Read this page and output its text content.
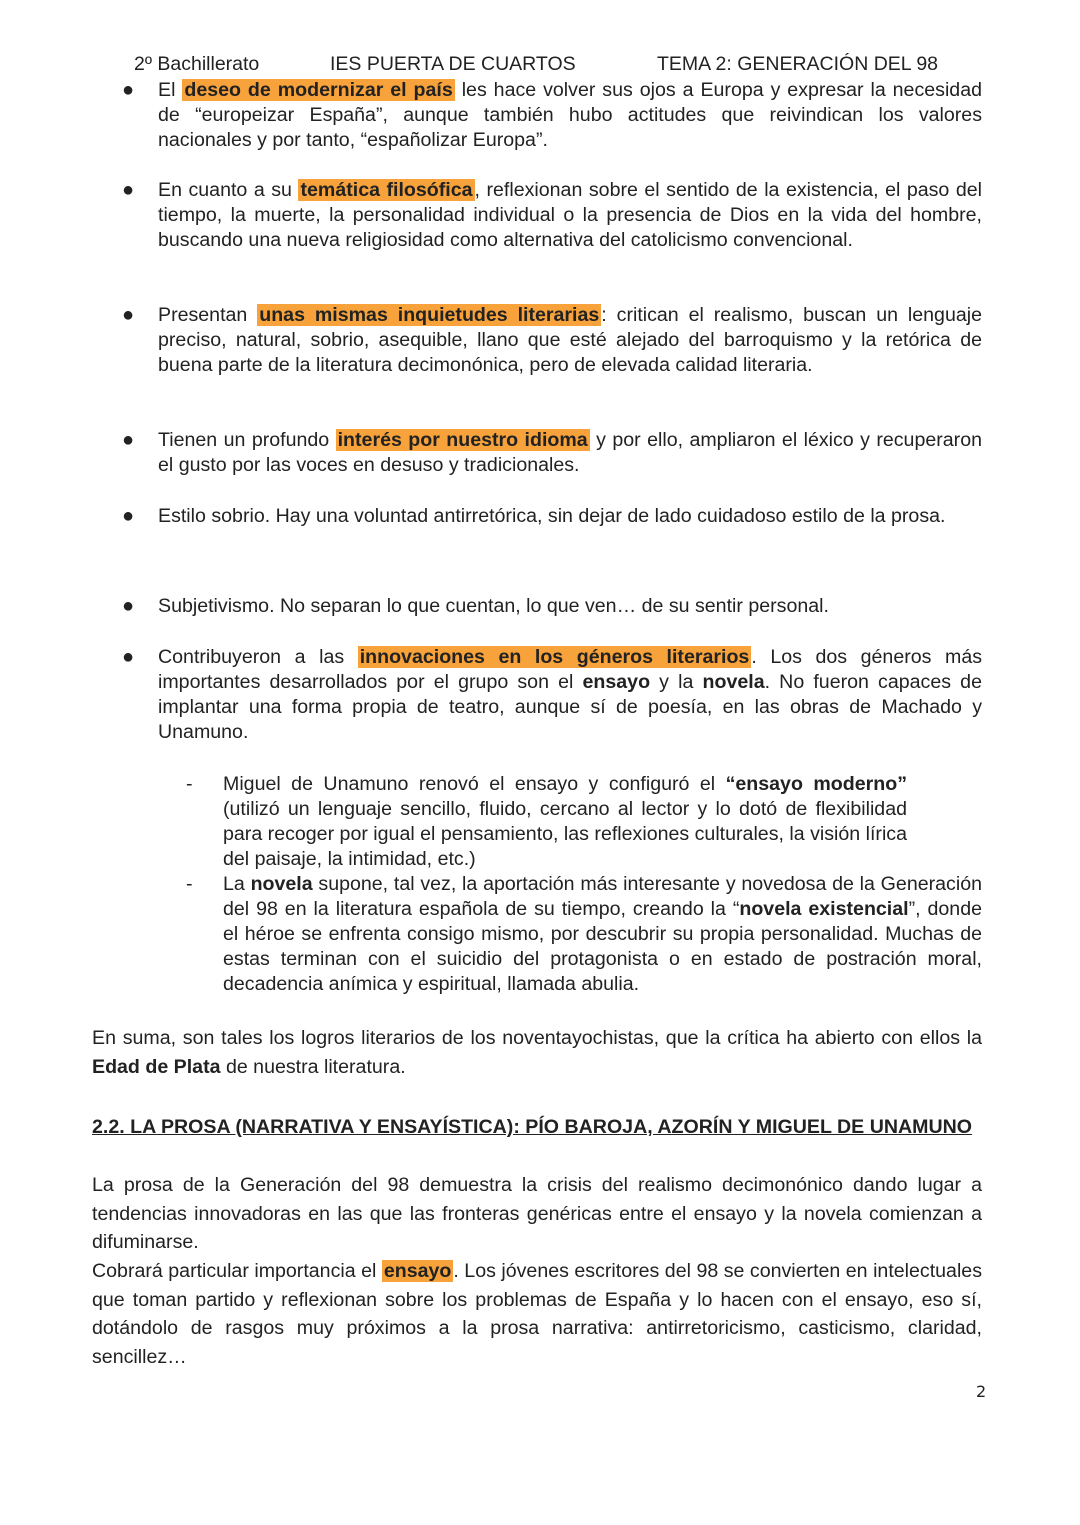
2º Bachillerato	IES PUERTA DE CUARTOS	TEMA 2: GENERACIÓN DEL 98
● El deseo de modernizar el país les hace volver sus ojos a Europa y expresar la necesidad de “europeizar España”, aunque también hubo actitudes que reivindican los valores nacionales y por tanto, “españolizar Europa”.

● En cuanto a su temática filosófica , reflexionan sobre el sentido de la existencia, el paso del tiempo, la muerte, la personalidad individual o la presencia de Dios en la vida del hombre, buscando una nueva religiosidad como alternativa del catolicismo convencional.

● Presentan unas mismas inquietudes literarias : critican el realismo, buscan un lenguaje preciso, natural, sobrio, asequible, llano que esté alejado del barroquismo y la retórica de buena parte de la literatura decimonónica, pero de elevada calidad literaria.

● Tienen un profundo interés por nuestro idioma y por ello, ampliaron el léxico y recuperaron el gusto por las voces en desuso y tradicionales.

● Estilo sobrio. Hay una voluntad antirretórica, sin dejar de lado cuidadoso estilo de la prosa.

● Subjetivismo. No separan lo que cuentan, lo que ven… de su sentir personal.

● Contribuyeron a las innovaciones en los géneros literarios . Los dos géneros más importantes desarrollados por el grupo son el ensayo y la novela. No fueron capaces de implantar una forma propia de teatro, aunque sí de poesía, en las obras de Machado y Unamuno.

- Miguel de Unamuno renovó el ensayo y configuró el “ensayo moderno” (utilizó un lenguaje sencillo, fluido, cercano al lector y lo dotó de flexibilidad para recoger por igual el pensamiento, las reflexiones culturales, la visión lírica del paisaje, la intimidad, etc.)
- La novela supone, tal vez, la aportación más interesante y novedosa de la Generación del 98 en la literatura española de su tiempo, creando la “novela existencial”, donde el héroe se enfrenta consigo mismo, por descubrir su propia personalidad. Muchas de estas terminan con el suicidio del protagonista o en estado de postración moral, decadencia anímica y espiritual, llamada abulia.

En suma, son tales los logros literarios de los noventayochistas, que la crítica ha abierto con ellos la Edad de Plata de nuestra literatura.

2.2. LA PROSA (NARRATIVA Y ENSAYÍSTICA): PÍO BAROJA, AZORÍN Y MIGUEL DE UNAMUNO

La prosa de la Generación del 98 demuestra la crisis del realismo decimonónico dando lugar a tendencias innovadoras en las que las fronteras genéricas entre el ensayo y la novela comienzan a difuminarse.

Cobrará particular importancia el ensayo . Los jóvenes escritores del 98 se convierten en intelectuales que toman partido y reflexionan sobre los problemas de España y lo hacen con el ensayo, eso sí, dotándolo de rasgos muy próximos a la prosa narrativa: antirretoricismo, casticismo, claridad, sencillez…

2
